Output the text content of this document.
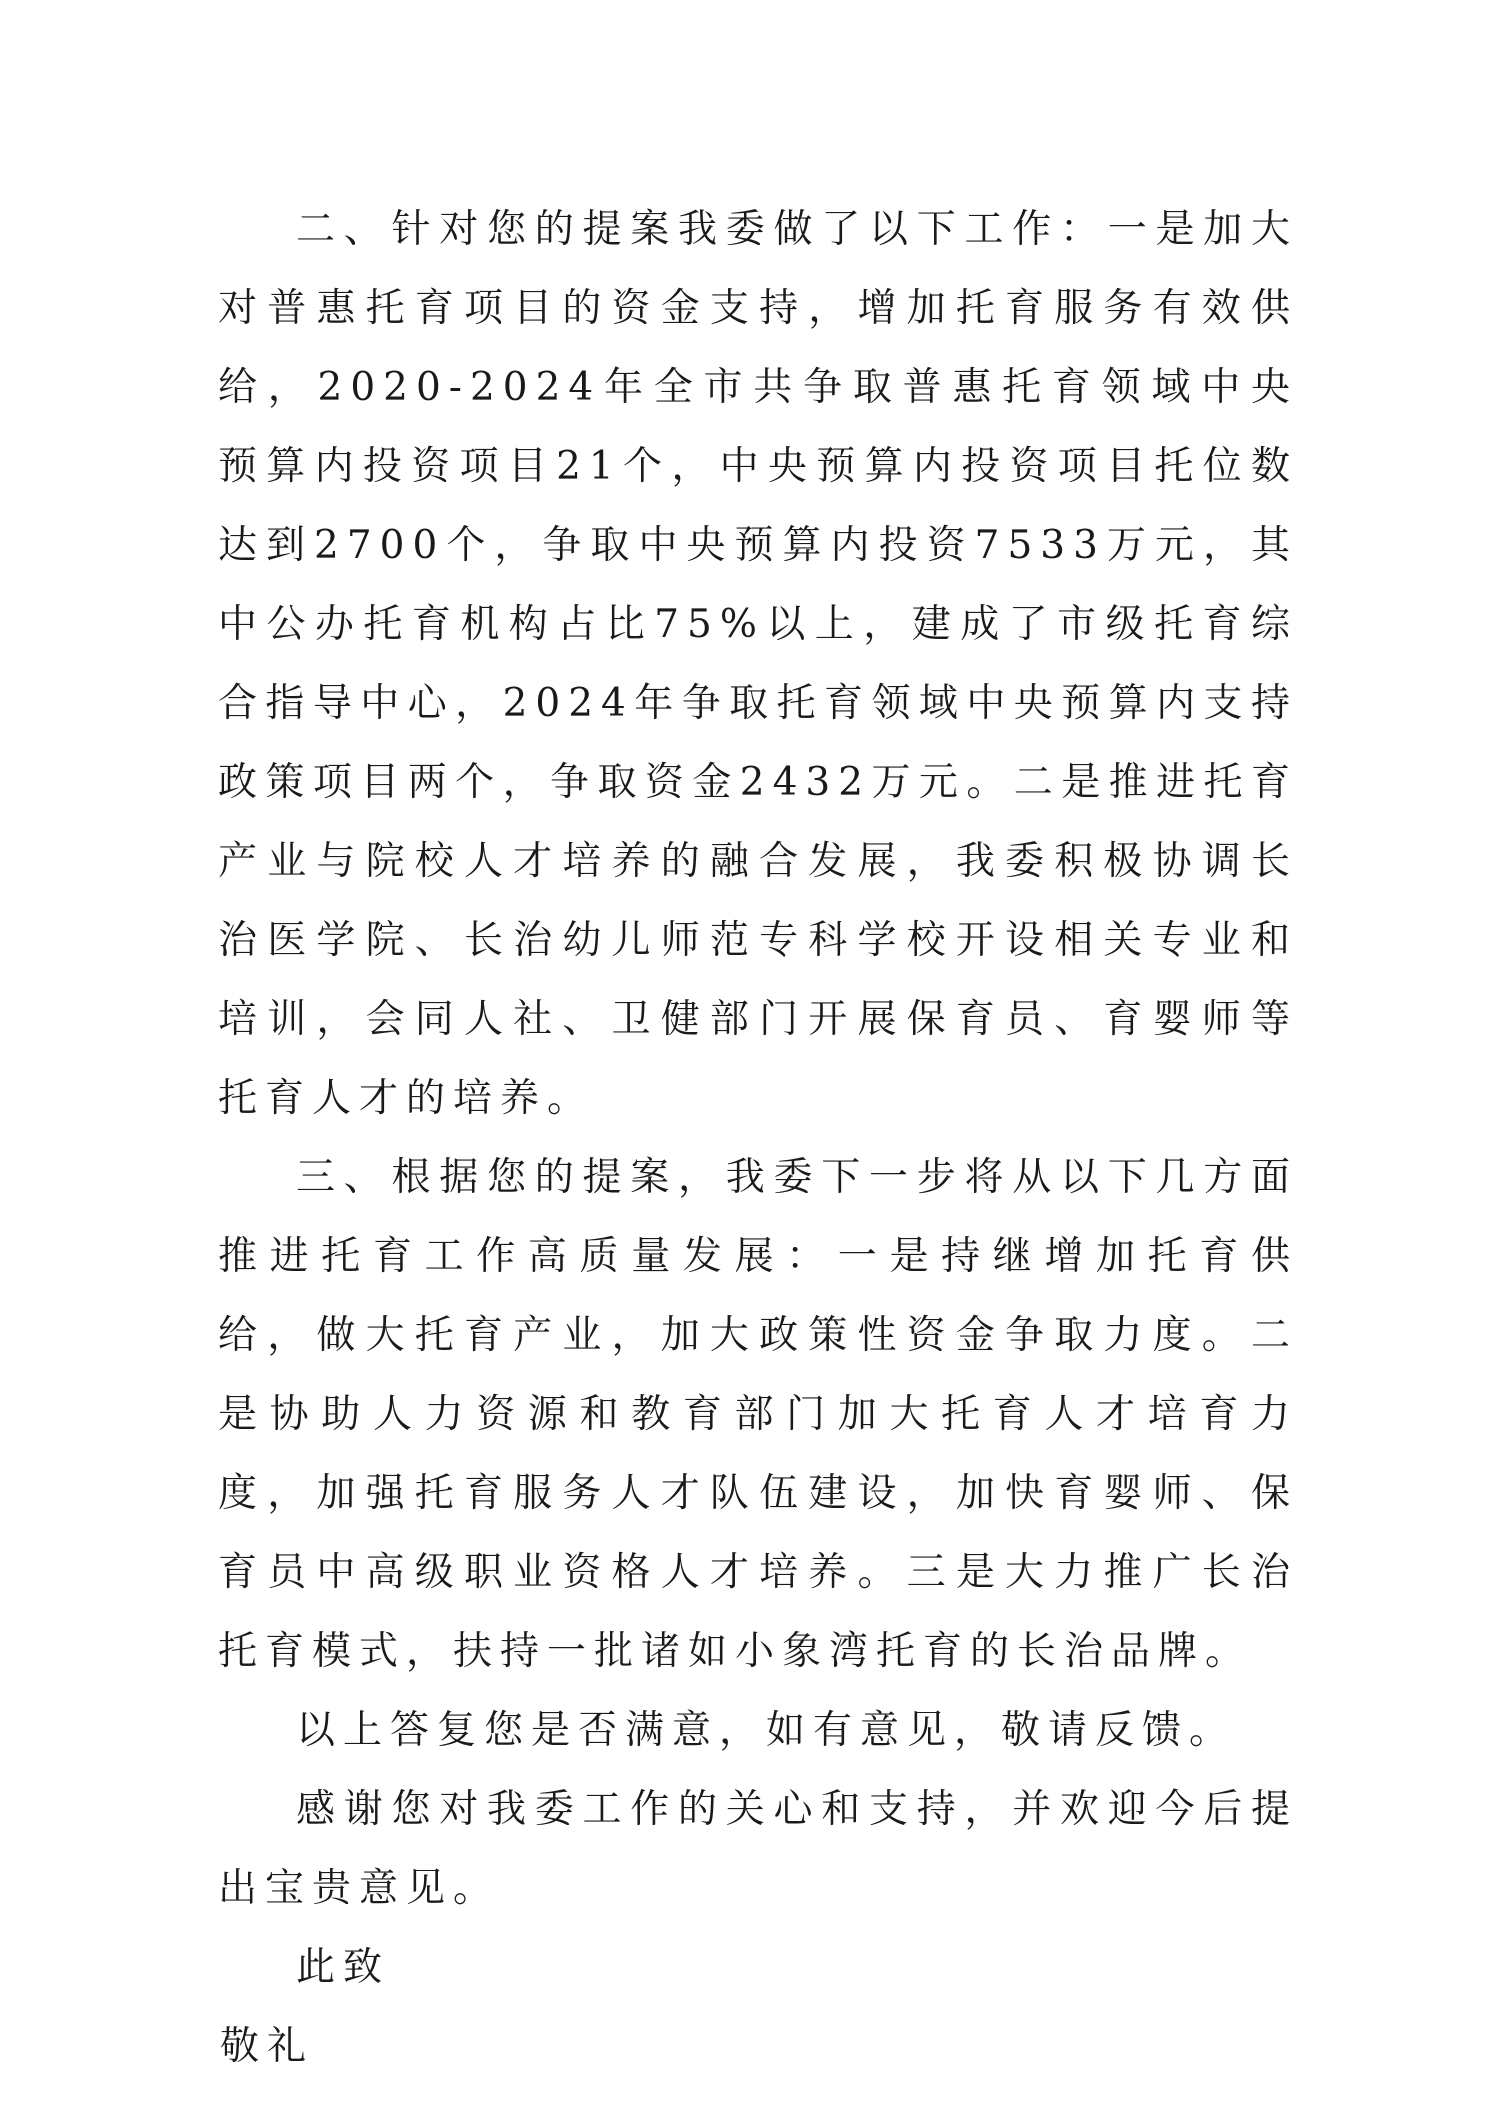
二、针对您的提案我委做了以下工作：一是加大对普惠托育项目的资金支持，增加托育服务有效供给，2020-2024年全市共争取普惠托育领域中央预算内投资项目21个，中央预算内投资项目托位数达到2700个，争取中央预算内投资7533万元，其中公办托育机构占比75%以上，建成了市级托育综合指导中心，2024年争取托育领域中央预算内支持政策项目两个，争取资金2432万元。二是推进托育产业与院校人才培养的融合发展，我委积极协调长治医学院、长治幼儿师范专科学校开设相关专业和培训，会同人社、卫健部门开展保育员、育婴师等托育人才的培养。

三、根据您的提案，我委下一步将从以下几方面推进托育工作高质量发展：一是持继增加托育供给，做大托育产业，加大政策性资金争取力度。二是协助人力资源和教育部门加大托育人才培育力度，加强托育服务人才队伍建设，加快育婴师、保育员中高级职业资格人才培养。三是大力推广长治托育模式，扶持一批诸如小象湾托育的长治品牌。

以上答复您是否满意，如有意见，敬请反馈。

感谢您对我委工作的关心和支持，并欢迎今后提出宝贵意见。

此致

敬礼
